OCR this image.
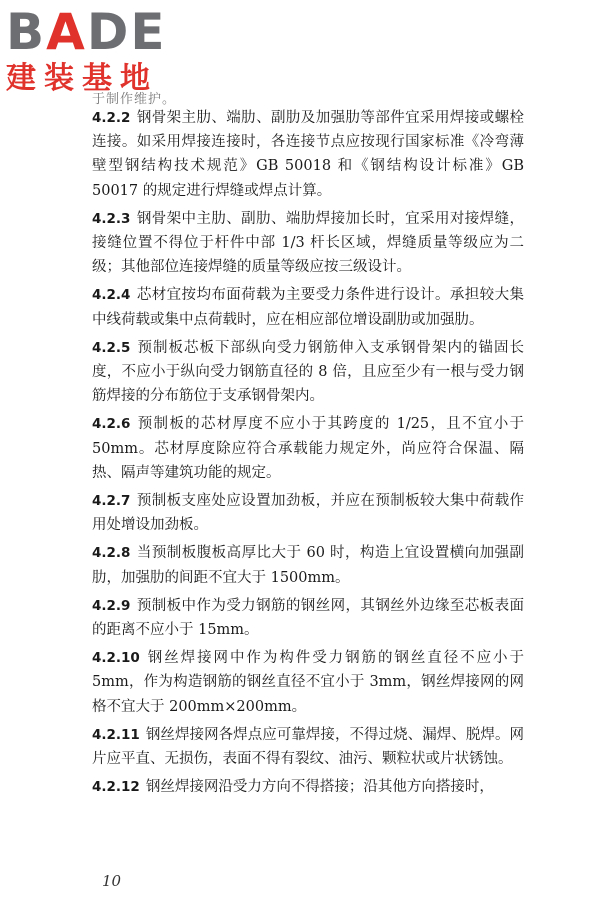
BADE
建装基地
于制作维护。

4.2.2 钢骨架主肋、端肋、副肋及加强肋等部件宜采用焊接或螺栓连接。如采用焊接连接时，各连接节点应按现行国家标准《冷弯薄壁型钢结构技术规范》GB 50018 和《钢结构设计标准》GB 50017 的规定进行焊缝或焊点计算。

4.2.3 钢骨架中主肋、副肋、端肋焊接加长时，宜采用对接焊缝，接缝位置不得位于杆件中部 1/3 杆长区域，焊缝质量等级应为二级；其他部位连接焊缝的质量等级应按三级设计。

4.2.4 芯材宜按均布面荷载为主要受力条件进行设计。承担较大集中线荷载或集中点荷载时，应在相应部位增设副肋或加强肋。

4.2.5 预制板芯板下部纵向受力钢筋伸入支承钢骨架内的锚固长度，不应小于纵向受力钢筋直径的 8 倍，且应至少有一根与受力钢筋焊接的分布筋位于支承钢骨架内。

4.2.6 预制板的芯材厚度不应小于其跨度的 1/25，且不宜小于 50mm。芯材厚度除应符合承载能力规定外，尚应符合保温、隔热、隔声等建筑功能的规定。

4.2.7 预制板支座处应设置加劲板，并应在预制板较大集中荷载作用处增设加劲板。

4.2.8 当预制板腹板高厚比大于 60 时，构造上宜设置横向加强副肋，加强肋的间距不宜大于 1500mm。

4.2.9 预制板中作为受力钢筋的钢丝网，其钢丝外边缘至芯板表面的距离不应小于 15mm。

4.2.10 钢丝焊接网中作为构件受力钢筋的钢丝直径不应小于 5mm，作为构造钢筋的钢丝直径不宜小于 3mm，钢丝焊接网的网格不宜大于 200mm×200mm。

4.2.11 钢丝焊接网各焊点应可靠焊接，不得过烧、漏焊、脱焊。网片应平直、无损伤，表面不得有裂纹、油污、颗粒状或片状锈蚀。

4.2.12 钢丝焊接网沿受力方向不得搭接；沿其他方向搭接时，

10
